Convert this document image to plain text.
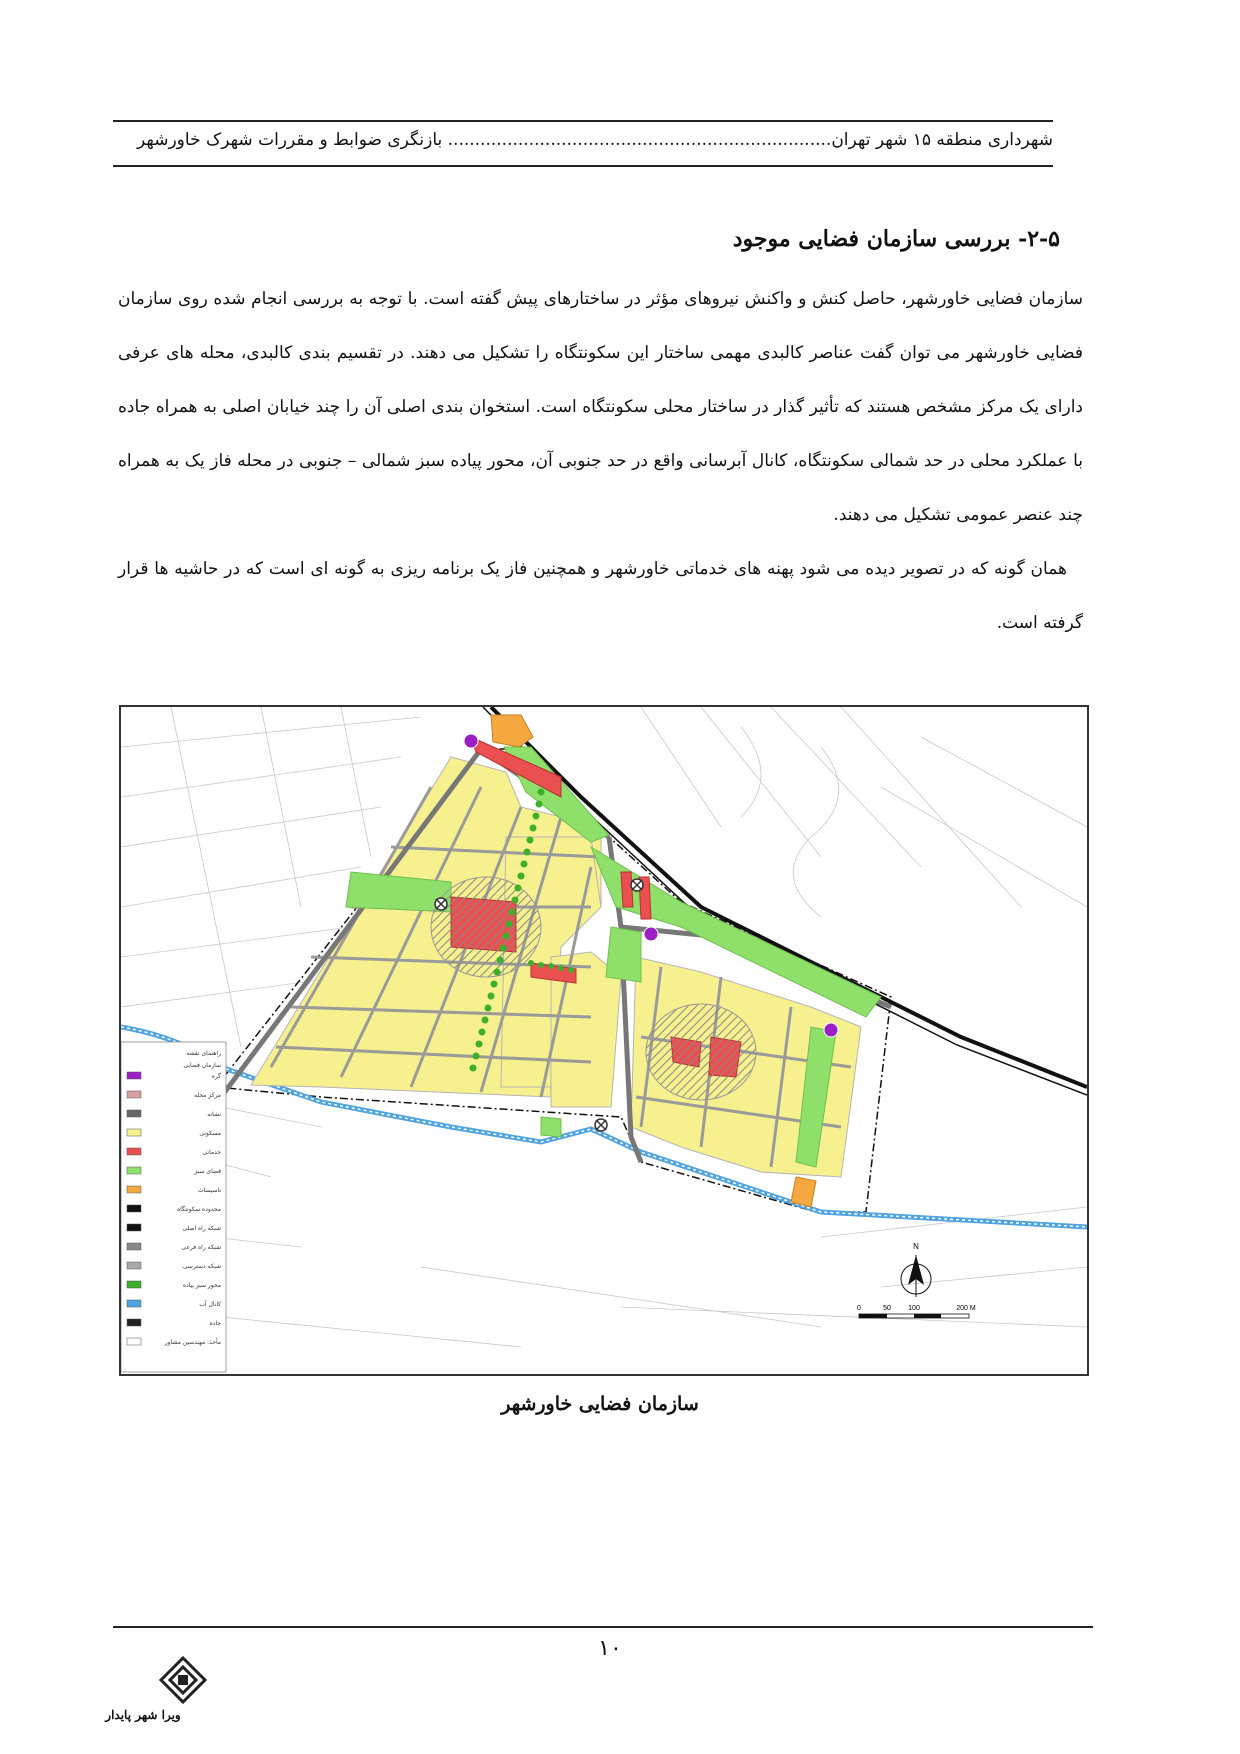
شهرداری منطقه ۱۵ شهر تهران....................................................................... بازنگری ضوابط و مقررات شهرک خاورشهر
۲-۵- بررسی سازمان فضایی موجود

سازمان فضایی خاورشهر، حاصل کنش و واکنش نیروهای مؤثر در ساختارهای پیش گفته است. با توجه به بررسی انجام شده روی سازمان فضایی خاورشهر می توان گفت عناصر کالبدی مهمی ساختار این سکونتگاه را تشکیل می دهند. در تقسیم بندی کالبدی، محله های عرفی دارای یک مرکز مشخص هستند که تأثیر گذار در ساختار محلی سکونتگاه است. استخوان بندی اصلی آن را چند خیابان اصلی به همراه جاده با عملکرد محلی در حد شمالی سکونتگاه، کانال آبرسانی واقع در حد جنوبی آن، محور پیاده سبز شمالی – جنوبی در محله فاز یک به همراه چند عنصر عمومی تشکیل می دهند.

همان گونه که در تصویر دیده می شود پهنه های خدماتی خاورشهر و همچنین فاز یک برنامه ریزی به گونه ای است که در حاشیه ها قرار گرفته است.

راهنمای نقشه
سازمان فضایی
گره
مرکز محله
نشانه
مسکونی
خدماتی
فضای سبز
تاسیسات
محدوده سکونتگاه
شبکه راه اصلی
شبکه راه فرعی
شبکه دسترسی
محور سبز پیاده
کانال آب
جاده
مأخذ: مهندسین مشاور
N
0	50 100	200 M
سازمان فضایی خاورشهر
۱۰
ویرا شهر پایدار
